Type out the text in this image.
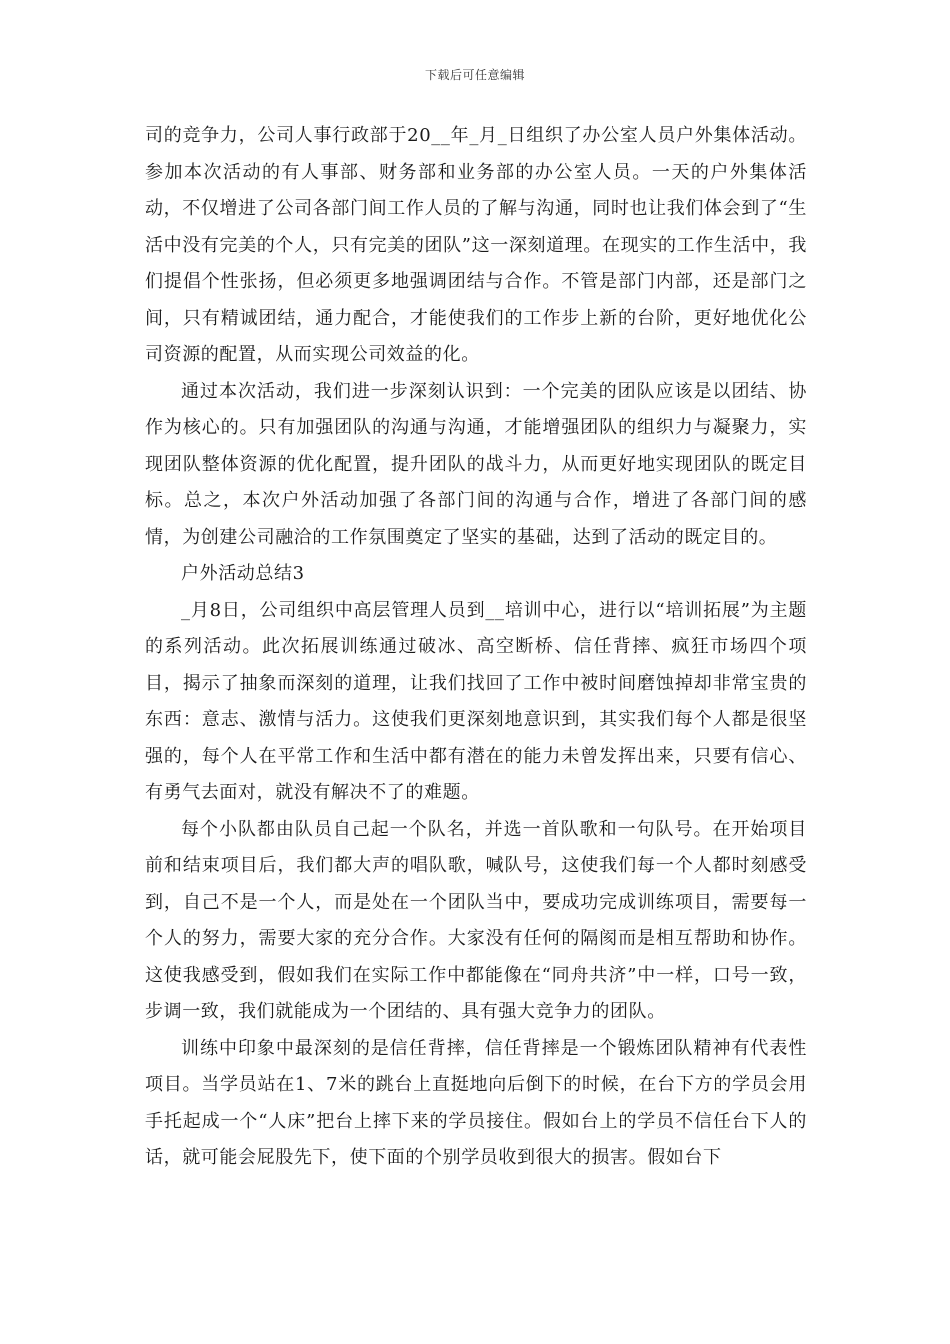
下载后可任意编辑

司的竞争力，公司人事行政部于20__年_月_日组织了办公室人员户外集体活动。参加本次活动的有人事部、财务部和业务部的办公室人员。一天的户外集体活动，不仅增进了公司各部门间工作人员的了解与沟通，同时也让我们体会到了“生活中没有完美的个人，只有完美的团队”这一深刻道理。在现实的工作生活中，我们提倡个性张扬，但必须更多地强调团结与合作。不管是部门内部，还是部门之间，只有精诚团结，通力配合，才能使我们的工作步上新的台阶，更好地优化公司资源的配置，从而实现公司效益的化。

通过本次活动，我们进一步深刻认识到：一个完美的团队应该是以团结、协作为核心的。只有加强团队的沟通与沟通，才能增强团队的组织力与凝聚力，实现团队整体资源的优化配置，提升团队的战斗力，从而更好地实现团队的既定目标。总之，本次户外活动加强了各部门间的沟通与合作，增进了各部门间的感情，为创建公司融洽的工作氛围奠定了坚实的基础，达到了活动的既定目的。

户外活动总结3

_月8日，公司组织中高层管理人员到__培训中心，进行以“培训拓展”为主题的系列活动。此次拓展训练通过破冰、高空断桥、信任背摔、疯狂市场四个项目，揭示了抽象而深刻的道理，让我们找回了工作中被时间磨蚀掉却非常宝贵的东西：意志、激情与活力。这使我们更深刻地意识到，其实我们每个人都是很坚强的，每个人在平常工作和生活中都有潜在的能力未曾发挥出来，只要有信心、有勇气去面对，就没有解决不了的难题。

每个小队都由队员自己起一个队名，并选一首队歌和一句队号。在开始项目前和结束项目后，我们都大声的唱队歌，喊队号，这使我们每一个人都时刻感受到，自己不是一个人，而是处在一个团队当中，要成功完成训练项目，需要每一个人的努力，需要大家的充分合作。大家没有任何的隔阂而是相互帮助和协作。这使我感受到，假如我们在实际工作中都能像在“同舟共济”中一样，口号一致，步调一致，我们就能成为一个团结的、具有强大竞争力的团队。

训练中印象中最深刻的是信任背摔，信任背摔是一个锻炼团队精神有代表性项目。当学员站在1、7米的跳台上直挺地向后倒下的时候，在台下方的学员会用手托起成一个“人床”把台上摔下来的学员接住。假如台上的学员不信任台下人的话，就可能会屁股先下，使下面的个别学员收到很大的损害。假如台下
